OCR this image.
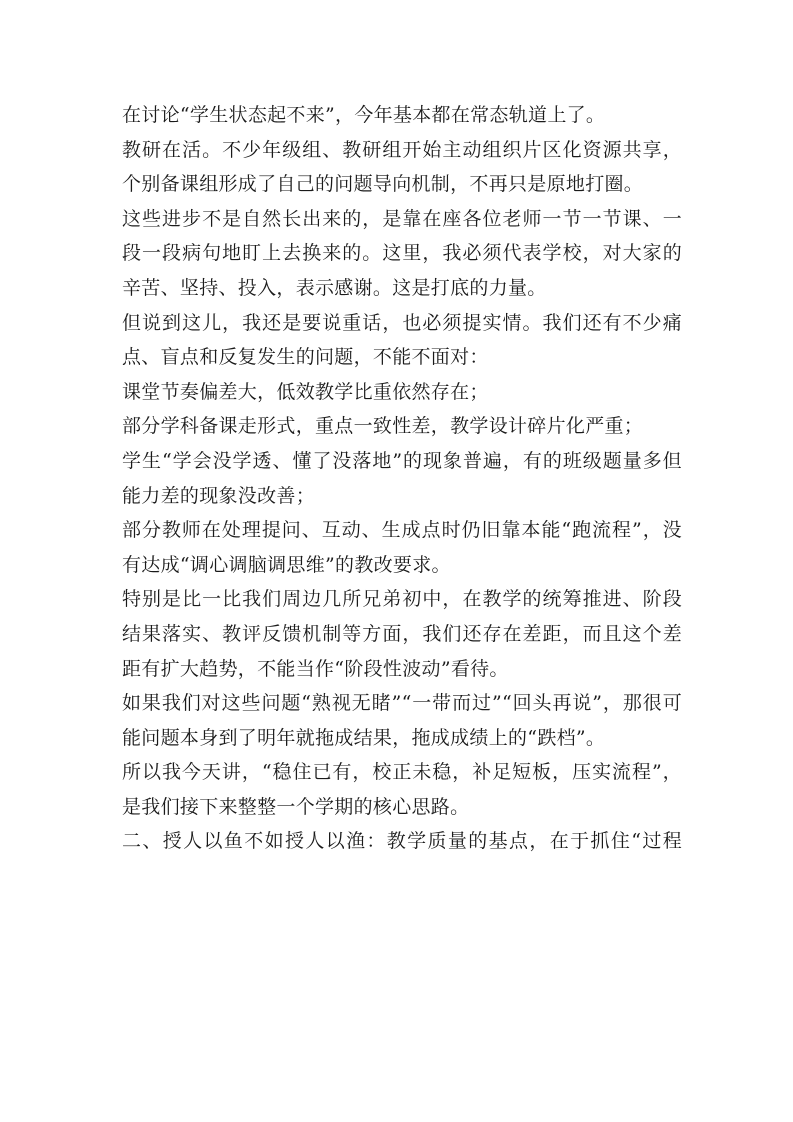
在讨论“学生状态起不来”，今年基本都在常态轨道上了。
教研在活。不少年级组、教研组开始主动组织片区化资源共享，
个别备课组形成了自己的问题导向机制，不再只是原地打圈。
这些进步不是自然长出来的，是靠在座各位老师一节一节课、一
段一段病句地盯上去换来的。这里，我必须代表学校，对大家的
辛苦、坚持、投入，表示感谢。这是打底的力量。
但说到这儿，我还是要说重话，也必须提实情。我们还有不少痛
点、盲点和反复发生的问题，不能不面对：
课堂节奏偏差大，低效教学比重依然存在；
部分学科备课走形式，重点一致性差，教学设计碎片化严重；
学生“学会没学透、懂了没落地”的现象普遍，有的班级题量多但
能力差的现象没改善；
部分教师在处理提问、互动、生成点时仍旧靠本能“跑流程”，没
有达成“调心调脑调思维”的教改要求。
特别是比一比我们周边几所兄弟初中，在教学的统筹推进、阶段
结果落实、教评反馈机制等方面，我们还存在差距，而且这个差
距有扩大趋势，不能当作“阶段性波动”看待。
如果我们对这些问题“熟视无睹”“一带而过”“回头再说”，那很可
能问题本身到了明年就拖成结果，拖成成绩上的“跌档”。
所以我今天讲，“稳住已有，校正未稳，补足短板，压实流程”，
是我们接下来整整一个学期的核心思路。
二、授人以鱼不如授人以渔：教学质量的基点，在于抓住“过程
